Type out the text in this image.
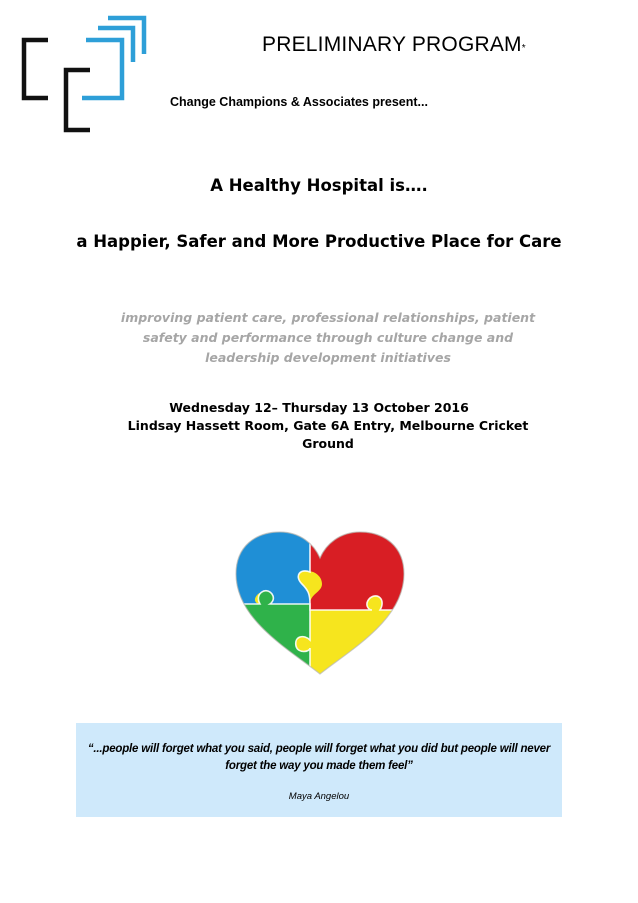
PRELIMINARY PROGRAM*
Change Champions & Associates present...
A Healthy Hospital is….
a Happier, Safer and More Productive Place for Care
improving patient care, professional relationships, patient safety and performance through culture change and leadership development initiatives
Wednesday 12– Thursday 13 October 2016
Lindsay Hassett Room, Gate 6A Entry, Melbourne Cricket Ground
“...people will forget what you said, people will forget what you did but people will never forget the way you made them feel”
Maya Angelou
